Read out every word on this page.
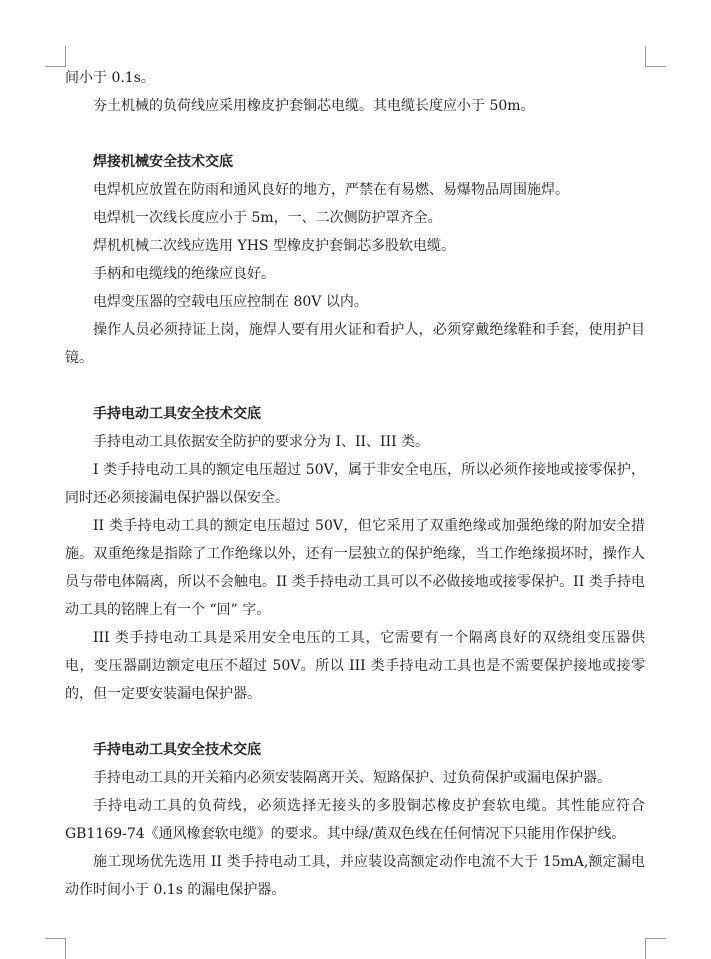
间小于 0.1s。
夯土机械的负荷线应采用橡皮护套铜芯电缆。其电缆长度应小于 50m。
焊接机械安全技术交底
电焊机应放置在防雨和通风良好的地方，严禁在有易燃、易爆物品周围施焊。
电焊机一次线长度应小于 5m，一、二次侧防护罩齐全。
焊机机械二次线应选用 YHS 型橡皮护套铜芯多股软电缆。
手柄和电缆线的绝缘应良好。
电焊变压器的空载电压应控制在 80V 以内。
操作人员必须持证上岗，施焊人要有用火证和看护人，必须穿戴绝缘鞋和手套，使用护目镜。
手持电动工具安全技术交底
手持电动工具依据安全防护的要求分为 I、II、III 类。
I 类手持电动工具的额定电压超过 50V，属于非安全电压，所以必须作接地或接零保护，同时还必须接漏电保护器以保安全。
II 类手持电动工具的额定电压超过 50V，但它采用了双重绝缘或加强绝缘的附加安全措施。双重绝缘是指除了工作绝缘以外，还有一层独立的保护绝缘，当工作绝缘损坏时，操作人员与带电体隔离，所以不会触电。II 类手持电动工具可以不必做接地或接零保护。II 类手持电动工具的铭牌上有一个 “回” 字。
III 类手持电动工具是采用安全电压的工具，它需要有一个隔离良好的双绕组变压器供电，变压器副边额定电压不超过 50V。所以 III 类手持电动工具也是不需要保护接地或接零的，但一定要安装漏电保护器。
手持电动工具安全技术交底
手持电动工具的开关箱内必须安装隔离开关、短路保护、过负荷保护或漏电保护器。
手持电动工具的负荷线，必须选择无接头的多股铜芯橡皮护套软电缆。其性能应符合 GB1169-74《通风橡套软电缆》的要求。其中绿/黄双色线在任何情况下只能用作保护线。
施工现场优先选用 II 类手持电动工具，并应装设高额定动作电流不大于 15mA,额定漏电动作时间小于 0.1s 的漏电保护器。
